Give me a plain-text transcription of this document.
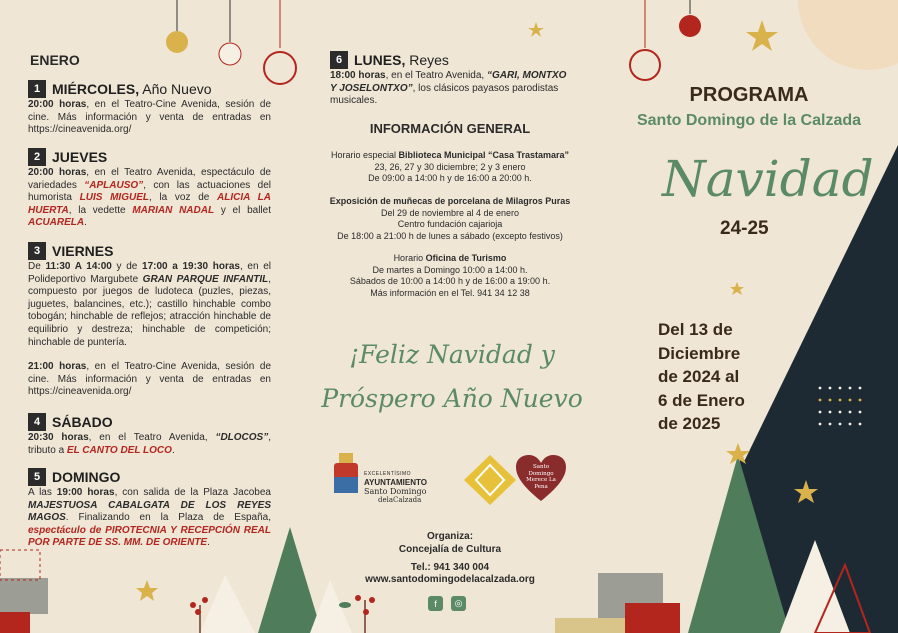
ENERO
1 MIÉRCOLES, Año Nuevo
20:00 horas, en el Teatro-Cine Avenida, sesión de cine. Más información y venta de entradas en https://cineavenida.org/
2 JUEVES
20:00 horas, en el Teatro Avenida, espectáculo de variedades “APLAUSO”, con las actuaciones del humorista LUIS MIGUEL, la voz de ALICIA LA HUERTA, la vedette MARIAN NADAL y el ballet ACUARELA.
3 VIERNES
De 11:30 A 14:00 y de 17:00 a 19:30 horas, en el Polideportivo Margubete GRAN PARQUE INFANTIL, compuesto por juegos de ludoteca (puzles, piezas, juguetes, balancines, etc.); castillo hinchable combo tobogán; hinchable de reflejos; atracción hinchable de equilibrio y destreza; hinchable de competición; hinchable de puntería.
21:00 horas, en el Teatro-Cine Avenida, sesión de cine. Más información y venta de entradas en https://cineavenida.org/
4 SÁBADO
20:30 horas, en el Teatro Avenida, “DLOCOS”, tributo a EL CANTO DEL LOCO.
5 DOMINGO
A las 19:00 horas, con salida de la Plaza Jacobea MAJESTUOSA CABALGATA DE LOS REYES MAGOS. Finalizando en la Plaza de España, espectáculo de PIROTECNIA Y RECEPCIÓN REAL POR PARTE DE SS. MM. DE ORIENTE.
6 LUNES, Reyes
18:00 horas, en el Teatro Avenida, “GARI, MONTXO Y JOSELONTXO”, los clásicos payasos parodistas musicales.
INFORMACIÓN GENERAL
Horario especial Biblioteca Municipal “Casa Trastamara”
23, 26, 27 y 30 diciembre; 2 y 3 enero
De 09:00 a 14:00 h y de 16:00 a 20:00 h.
Exposición de muñecas de porcelana de Milagros Puras
Del 29 de noviembre al 4 de enero
Centro fundación cajarioja
De 18:00 a 21:00 h de lunes a sábado (excepto festivos)
Horario Oficina de Turismo
De martes a Domingo 10:00 a 14:00 h.
Sábados de 10:00 a 14:00 h y de 16:00 a 19:00 h.
Más información en el Tel. 941 34 12 38
¡Feliz Navidad y
Próspero Año Nuevo
EXCELENTÍSIMO
AYUNTAMIENTO
Santo Domingo
delaCalzada
Santo Domingo Merece La Pena
Organiza:
Concejalía de Cultura
Tel.: 941 340 004
www.santodomingodelacalzada.org
f	◎
PROGRAMA
Santo Domingo de la Calzada
Navidad
24-25
Del 13 de
Diciembre
de 2024 al
6 de Enero
de 2025
